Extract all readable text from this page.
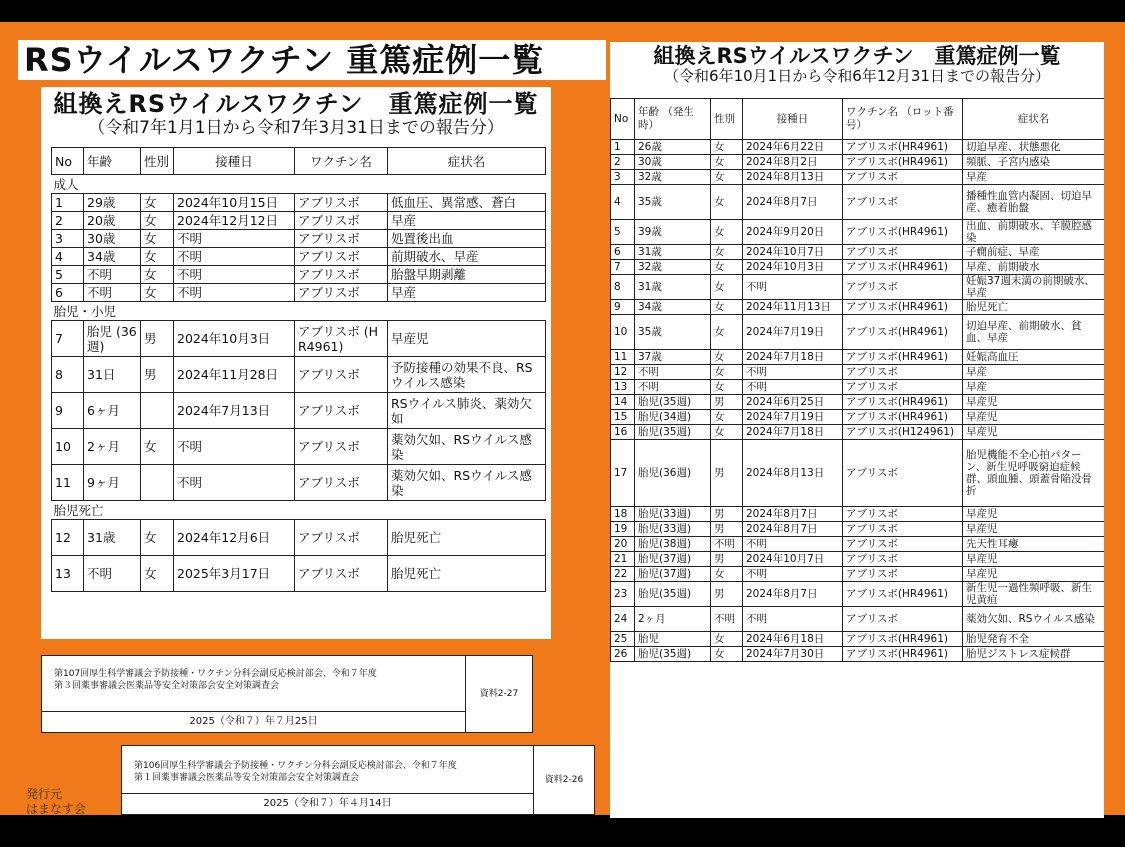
RSウイルスワクチン 重篤症例一覧
組換えRSウイルスワクチン　重篤症例一覧
（令和7年1月1日から令和7年3月31日までの報告分）
No	年齢	性別	接種日	ワクチン名	症状名
成人					
1	29歳	女	2024年10月15日	アブリスボ	低血圧、異常感、蒼白
2	20歳	女	2024年12月12日	アブリスボ	早産
3	30歳	女	不明	アブリスボ	処置後出血
4	34歳	女	不明	アブリスボ	前期破水、早産
5	不明	女	不明	アブリスボ	胎盤早期剥離
6	不明	女	不明	アブリスボ	早産
胎児・小児					
7	胎児 (36週)	男	2024年10月3日	アブリスボ (HR4961)	早産児
8	31日	男	2024年11月28日	アブリスボ	予防接種の効果不良、RSウイルス感染
9	6ヶ月		2024年7月13日	アブリスボ	RSウイルス肺炎、薬効欠如
10	2ヶ月	女	不明	アブリスボ	薬効欠如、RSウイルス感染
11	9ヶ月		不明	アブリスボ	薬効欠如、RSウイルス感染
胎児死亡					
12	31歳	女	2024年12月6日	アブリスボ	胎児死亡
13	不明	女	2025年3月17日	アブリスボ	胎児死亡
組換えRSウイルスワクチン　重篤症例一覧
（令和6年10月1日から令和6年12月31日までの報告分）
No	年齢 （発生時）	性別	接種日	ワクチン名 （ロット番号）	症状名
1	26歳	女	2024年6月22日	アブリスボ(HR4961)	切迫早産、状態悪化
2	30歳	女	2024年8月2日	アブリスボ(HR4961)	頻脈、子宮内感染
3	32歳	女	2024年8月13日	アブリスボ	早産
4	35歳	女	2024年8月7日	アブリスボ	播種性血管内凝固、切迫早産、癒着胎盤
5	39歳	女	2024年9月20日	アブリスボ(HR4961)	出血、前期破水、羊膜腔感染
6	31歳	女	2024年10月7日	アブリスボ	子癇前症、早産
7	32歳	女	2024年10月3日	アブリスボ(HR4961)	早産、前期破水
8	31歳	女	不明	アブリスボ	妊娠37週未満の前期破水、早産
9	34歳	女	2024年11月13日	アブリスボ(HR4961)	胎児死亡
10	35歳	女	2024年7月19日	アブリスボ(HR4961)	切迫早産、前期破水、貧血、早産
11	37歳	女	2024年7月18日	アブリスボ(HR4961)	妊娠高血圧
12	不明	女	不明	アブリスボ	早産
13	不明	女	不明	アブリスボ	早産
14	胎児(35週)	男	2024年6月25日	アブリスボ(HR4961)	早産児
15	胎児(34週)	女	2024年7月19日	アブリスボ(HR4961)	早産児
16	胎児(35週)	女	2024年7月18日	アブリスボ(H124961)	早産児
17	胎児(36週)	男	2024年8月13日	アブリスボ	胎児機能不全心拍パターン、新生児呼吸窮迫症候群、頭血腫、頭蓋骨陥没骨折
18	胎児(33週)	男	2024年8月7日	アブリスボ	早産児
19	胎児(33週)	男	2024年8月7日	アブリスボ	早産児
20	胎児(38週)	不明	不明	アブリスボ	先天性耳瘻
21	胎児(37週)	男	2024年10月7日	アブリスボ	早産児
22	胎児(37週)	女	不明	アブリスボ	早産児
23	胎児(35週)	男	2024年8月7日	アブリスボ(HR4961)	新生児一過性頻呼吸、新生児黄疸
24	2ヶ月	不明	不明	アブリスボ	薬効欠如、RSウイルス感染
25	胎児	女	2024年6月18日	アブリスボ(HR4961)	胎児発育不全
26	胎児(35週)	女	2024年7月30日	アブリスボ(HR4961)	胎児ジストレス症候群
第107回厚生科学審議会予防接種・ワクチン分科会副反応検討部会、令和７年度
第３回薬事審議会医薬品等安全対策部会安全対策調査会
2025（令和７）年７月25日
資料2-27
第106回厚生科学審議会予防接種・ワクチン分科会副反応検討部会、令和７年度
第１回薬事審議会医薬品等安全対策部会安全対策調査会
2025（令和７）年４月14日
資料2-26
発行元
はまなす会
